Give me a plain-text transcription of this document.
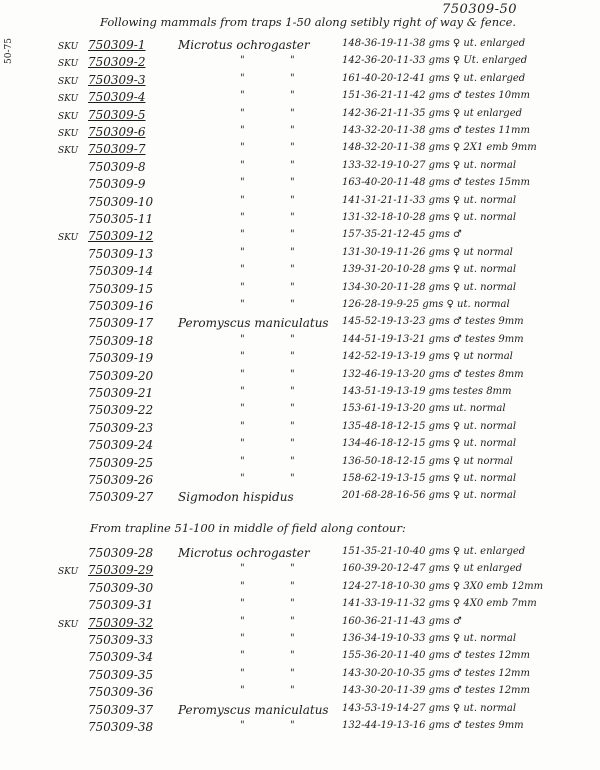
750309-50
50-75
Following mammals from traps 1-50 along setibly right of way & fence.
SKU 750309-1	Microtus ochrogaster	148-36-19-11-38 gms ♀ ut. enlarged
SKU 750309-2	"	"	142-36-20-11-33 gms ♀ Ut. enlarged
SKU 750309-3	"	"	161-40-20-12-41 gms ♀ ut. enlarged
SKU 750309-4	"	"	151-36-21-11-42 gms ♂ testes 10mm
SKU 750309-5	"	"	142-36-21-11-35 gms ♀ ut enlarged
SKU 750309-6	"	"	143-32-20-11-38 gms ♂ testes 11mm
SKU 750309-7	"	"	148-32-20-11-38 gms ♀ 2X1 emb 9mm
750309-8	"	"	133-32-19-10-27 gms ♀ ut. normal
750309-9	"	"	163-40-20-11-48 gms ♂ testes 15mm
750309-10	"	"	141-31-21-11-33 gms ♀ ut. normal
750305-11	"	"	131-32-18-10-28 gms ♀ ut. normal
SKU 750309-12	"	"	157-35-21-12-45 gms ♂
750309-13	"	"	131-30-19-11-26 gms ♀ ut normal
750309-14	"	"	139-31-20-10-28 gms ♀ ut. normal
750309-15	"	"	134-30-20-11-28 gms ♀ ut. normal
750309-16	"	"	126-28-19-9-25 gms ♀ ut. normal
750309-17 Peromyscus maniculatus 145-52-19-13-23 gms ♂ testes 9mm
750309-18	"	"	144-51-19-13-21 gms ♂ testes 9mm
750309-19	"	"	142-52-19-13-19 gms ♀ ut normal
750309-20	"	"	132-46-19-13-20 gms ♂ testes 8mm
750309-21	"	"	143-51-19-13-19 gms testes 8mm
750309-22	"	"	153-61-19-13-20 gms ut. normal
750309-23	"	"	135-48-18-12-15 gms ♀ ut. normal
750309-24	"	"	134-46-18-12-15 gms ♀ ut. normal
750309-25	"	"	136-50-18-12-15 gms ♀ ut normal
750309-26	"	"	158-62-19-13-15 gms ♀ ut. normal
750309-27 Sigmodon hispidus	201-68-28-16-56 gms ♀ ut. normal
From trapline 51-100 in middle of field along contour:
750309-28 Microtus ochrogaster	151-35-21-10-40 gms ♀ ut. enlarged
SKU 750309-29	"	"	160-39-20-12-47 gms ♀ ut enlarged
750309-30	"	"	124-27-18-10-30 gms ♀ 3X0 emb 12mm
750309-31	"	"	141-33-19-11-32 gms ♀ 4X0 emb 7mm
SKU 750309-32	"	"	160-36-21-11-43 gms ♂
750309-33	"	"	136-34-19-10-33 gms ♀ ut. normal
750309-34	"	"	155-36-20-11-40 gms ♂ testes 12mm
750309-35	"	"	143-30-20-10-35 gms ♂ testes 12mm
750309-36	"	"	143-30-20-11-39 gms ♂ testes 12mm
750309-37 Peromyscus maniculatus 143-53-19-14-27 gms ♀ ut. normal
750309-38	"	"	132-44-19-13-16 gms ♂ testes 9mm
